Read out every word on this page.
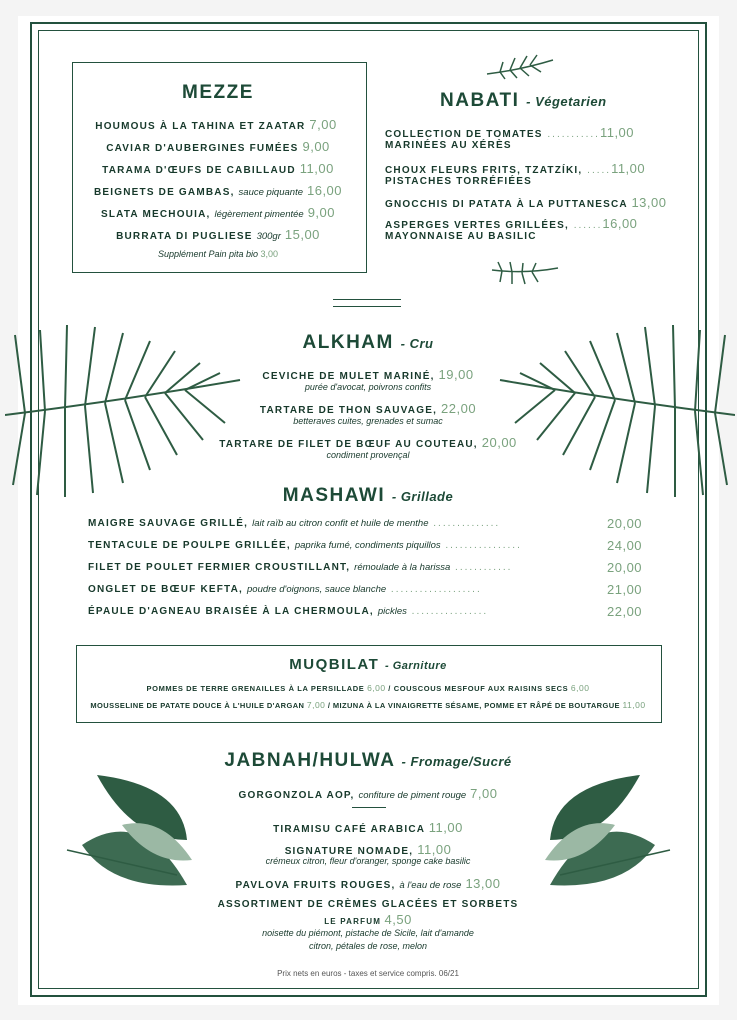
MEZZE
HOUMOUS À LA TAHINA ET ZAATAR 7,00
CAVIAR D'AUBERGINES FUMÉES 9,00
TARAMA D'ŒUFS DE CABILLAUD 11,00
BEIGNETS DE GAMBAS, sauce piquante 16,00
SLATA MECHOUIA, légèrement pimentée 9,00
BURRATA DI PUGLIESE 300gr 15,00
Supplément Pain pita bio 3,00
NABATI - Végetarien
COLLECTION DE TOMATES ...........11,00
MARINÉES AU XÉRÈS
CHOUX FLEURS FRITS, TZATZÍKI, .....11,00
PISTACHES TORRÉFIÉES
GNOCCHIS DI PATATA À LA PUTTANESCA 13,00
ASPERGES VERTES GRILLÉES, ......16,00
MAYONNAISE AU BASILIC
ALKHAM - Cru
CEVICHE DE MULET MARINÉ, 19,00
purée d'avocat, poivrons confits
TARTARE DE THON SAUVAGE, 22,00
betteraves cuites, grenades et sumac
TARTARE DE FILET DE BŒUF AU COUTEAU, 20,00
condiment provençal
MASHAWI - Grillade
MAIGRE SAUVAGE GRILLÉ, lait raïb au citron confit et huile de menthe ..............	20,00
TENTACULE DE POULPE GRILLÉE, paprika fumé, condiments piquillos ................	24,00
FILET DE POULET FERMIER CROUSTILLANT, rémoulade à la harissa ............	20,00
ONGLET DE BŒUF KEFTA, poudre d'oignons, sauce blanche ...................	21,00
ÉPAULE D'AGNEAU BRAISÉE À LA CHERMOULA, pickles ................	22,00
MUQBILAT - Garniture
POMMES DE TERRE GRENAILLES À LA PERSILLADE 6,00 / COUSCOUS MESFOUF AUX RAISINS SECS 6,00
MOUSSELINE DE PATATE DOUCE À L'HUILE D'ARGAN 7,00 / MIZUNA À LA VINAIGRETTE SÉSAME, POMME ET RÂPÉ DE BOUTARGUE 11,00
JABNAH/HULWA - Fromage/Sucré
GORGONZOLA AOP, confiture de piment rouge 7,00
TIRAMISU CAFÉ ARABICA 11,00
SIGNATURE NOMADE, 11,00
crémeux citron, fleur d'oranger, sponge cake basilic
PAVLOVA FRUITS ROUGES, à l'eau de rose 13,00
ASSORTIMENT DE CRÈMES GLACÉES ET SORBETS
LE PARFUM 4,50
noisette du piémont, pistache de Sicile, lait d'amande
citron, pétales de rose, melon
Prix nets en euros - taxes et service compris. 06/21
